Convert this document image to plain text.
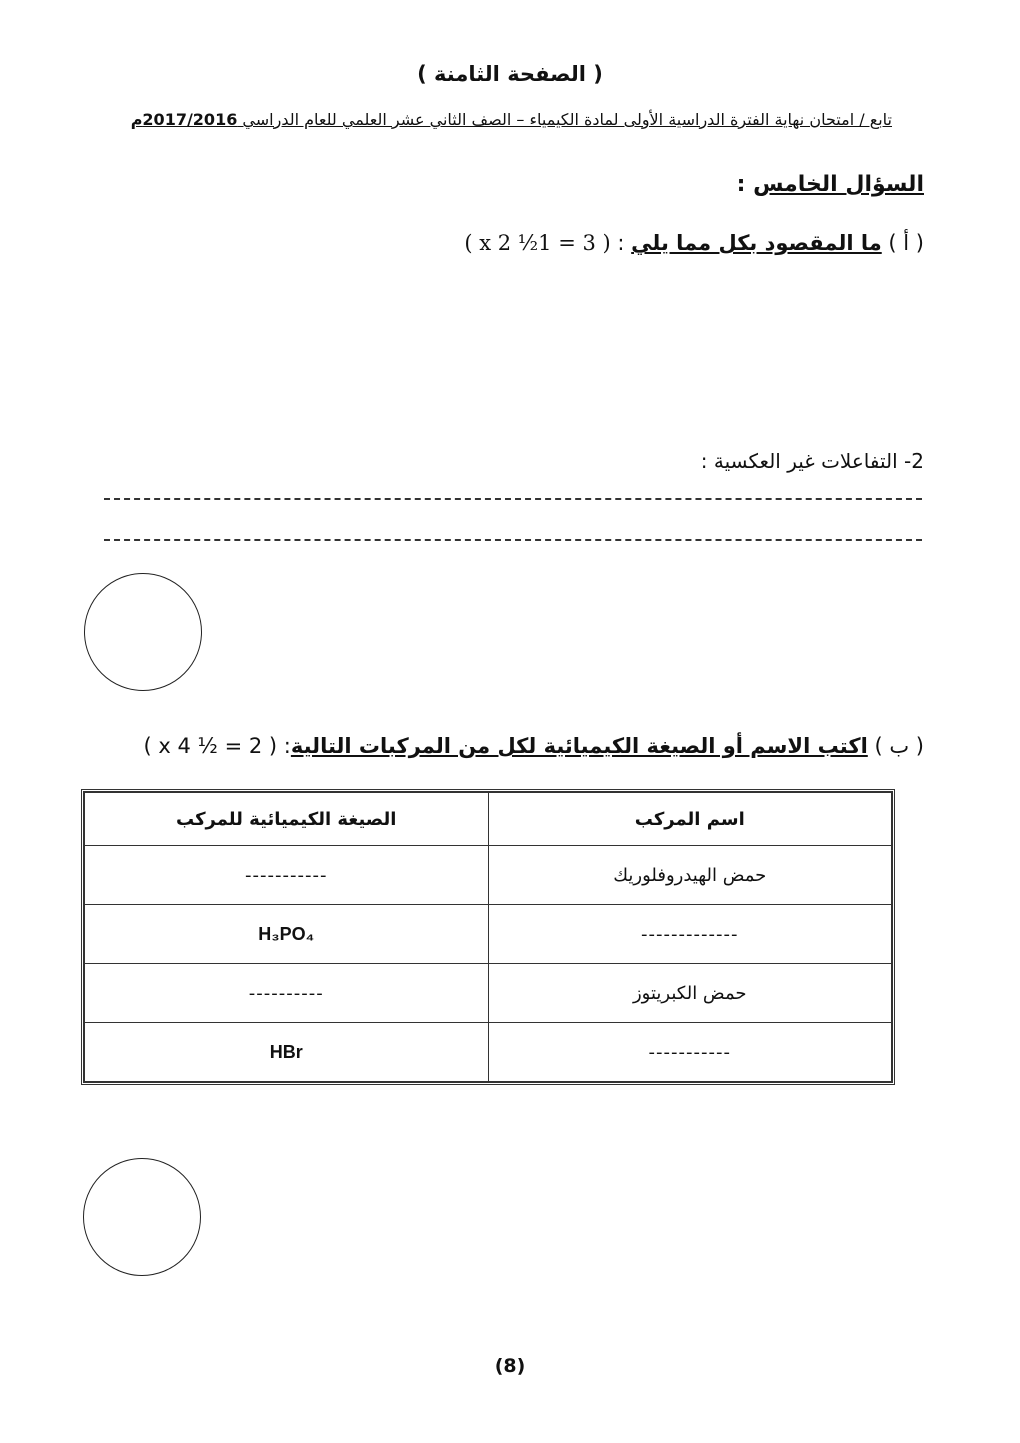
( الصفحة الثامنة )
تابع / امتحان نهاية الفترة الدراسية الأولى لمادة الكيمياء – الصف الثاني عشر العلمي للعام الدراسي 2017/2016م
السؤال الخامس :
( أ ) ما المقصود بكل مما يلي : ( 3 = 1½ x 2 )
2- التفاعلات غير العكسية :
( ب ) اكتب الاسم أو الصيغة الكيميائية لكل من المركبات التالية: ( 2 = ½ x 4 )
اسم المركب	الصيغة الكيميائية للمركب
حمض الهيدروفلوريك	-----------
-------------	H₃PO₄
حمض الكبريتوز	----------
-----------	HBr
(8)
